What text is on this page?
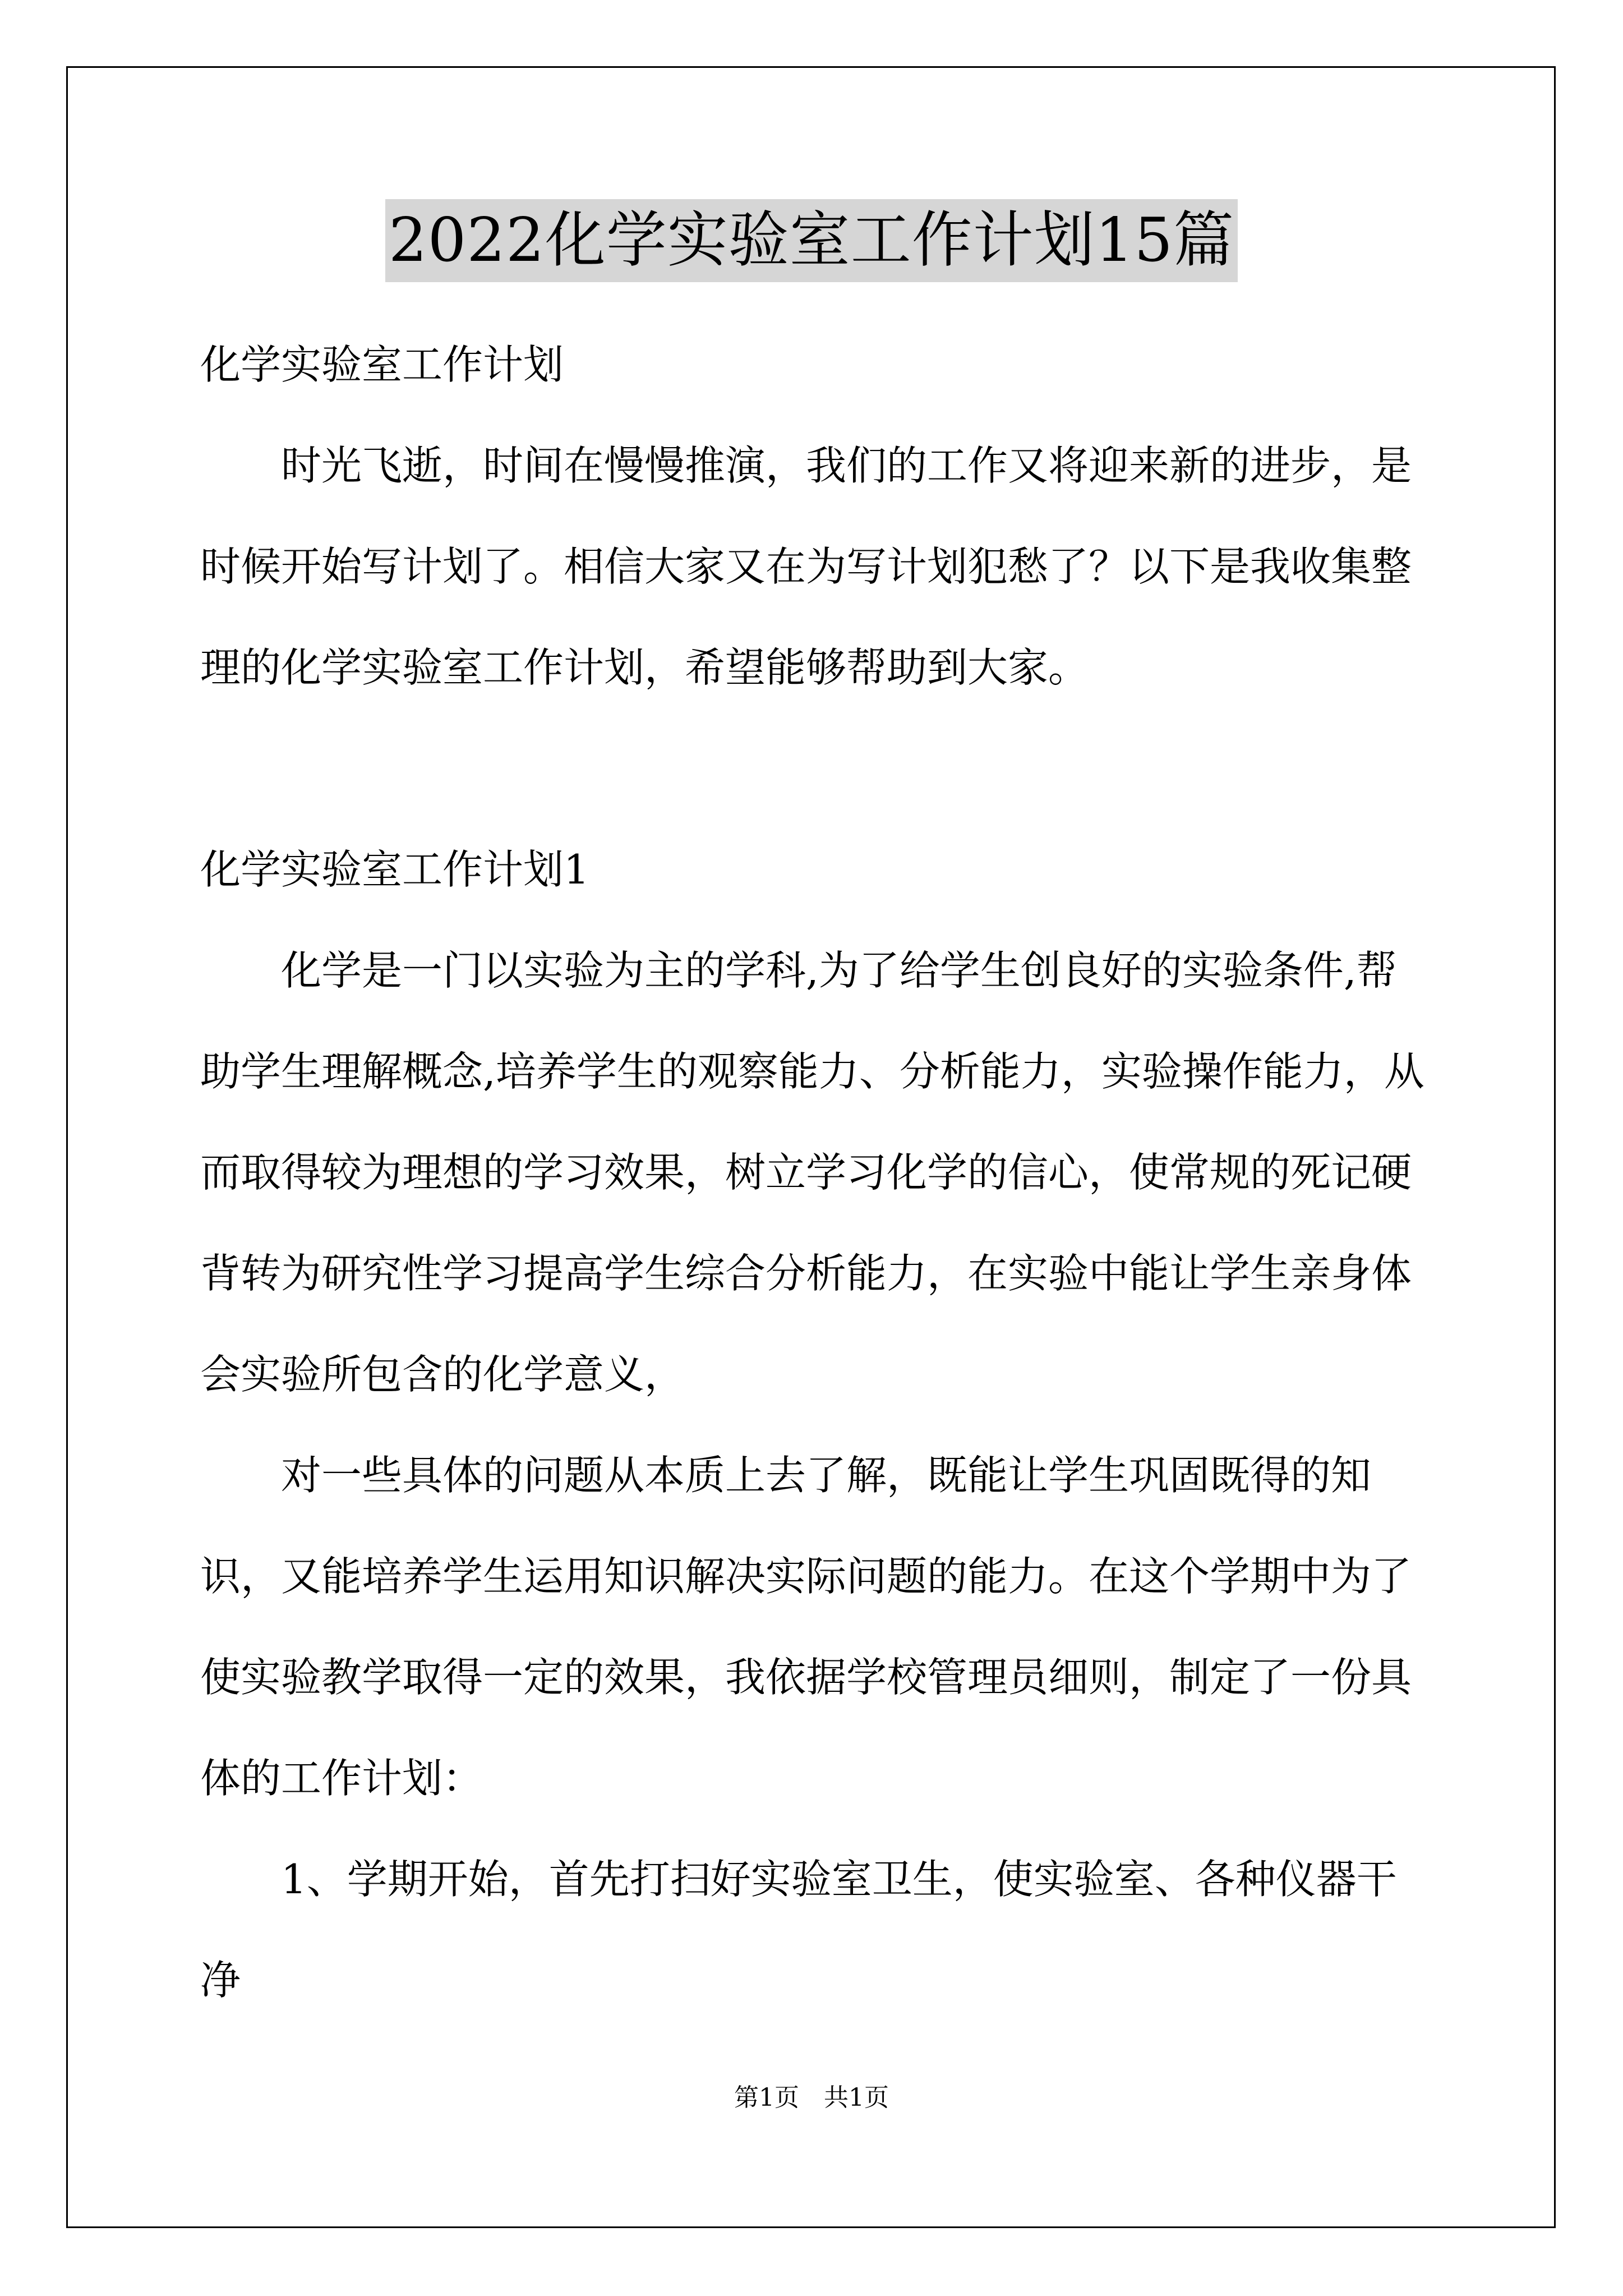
2022化学实验室工作计划15篇

化学实验室工作计划

时光飞逝，时间在慢慢推演，我们的工作又将迎来新的进步，是时候开始写计划了。相信大家又在为写计划犯愁了？以下是我收集整理的化学实验室工作计划，希望能够帮助到大家。

化学实验室工作计划1

化学是一门以实验为主的学科,为了给学生创良好的实验条件,帮助学生理解概念,培养学生的观察能力、分析能力，实验操作能力，从而取得较为理想的学习效果，树立学习化学的信心，使常规的死记硬背转为研究性学习提高学生综合分析能力，在实验中能让学生亲身体会实验所包含的化学意义，

对一些具体的问题从本质上去了解，既能让学生巩固既得的知识，又能培养学生运用知识解决实际问题的能力。在这个学期中为了使实验教学取得一定的效果，我依据学校管理员细则，制定了一份具体的工作计划：

1、学期开始，首先打扫好实验室卫生，使实验室、各种仪器干净

第1页　共1页
